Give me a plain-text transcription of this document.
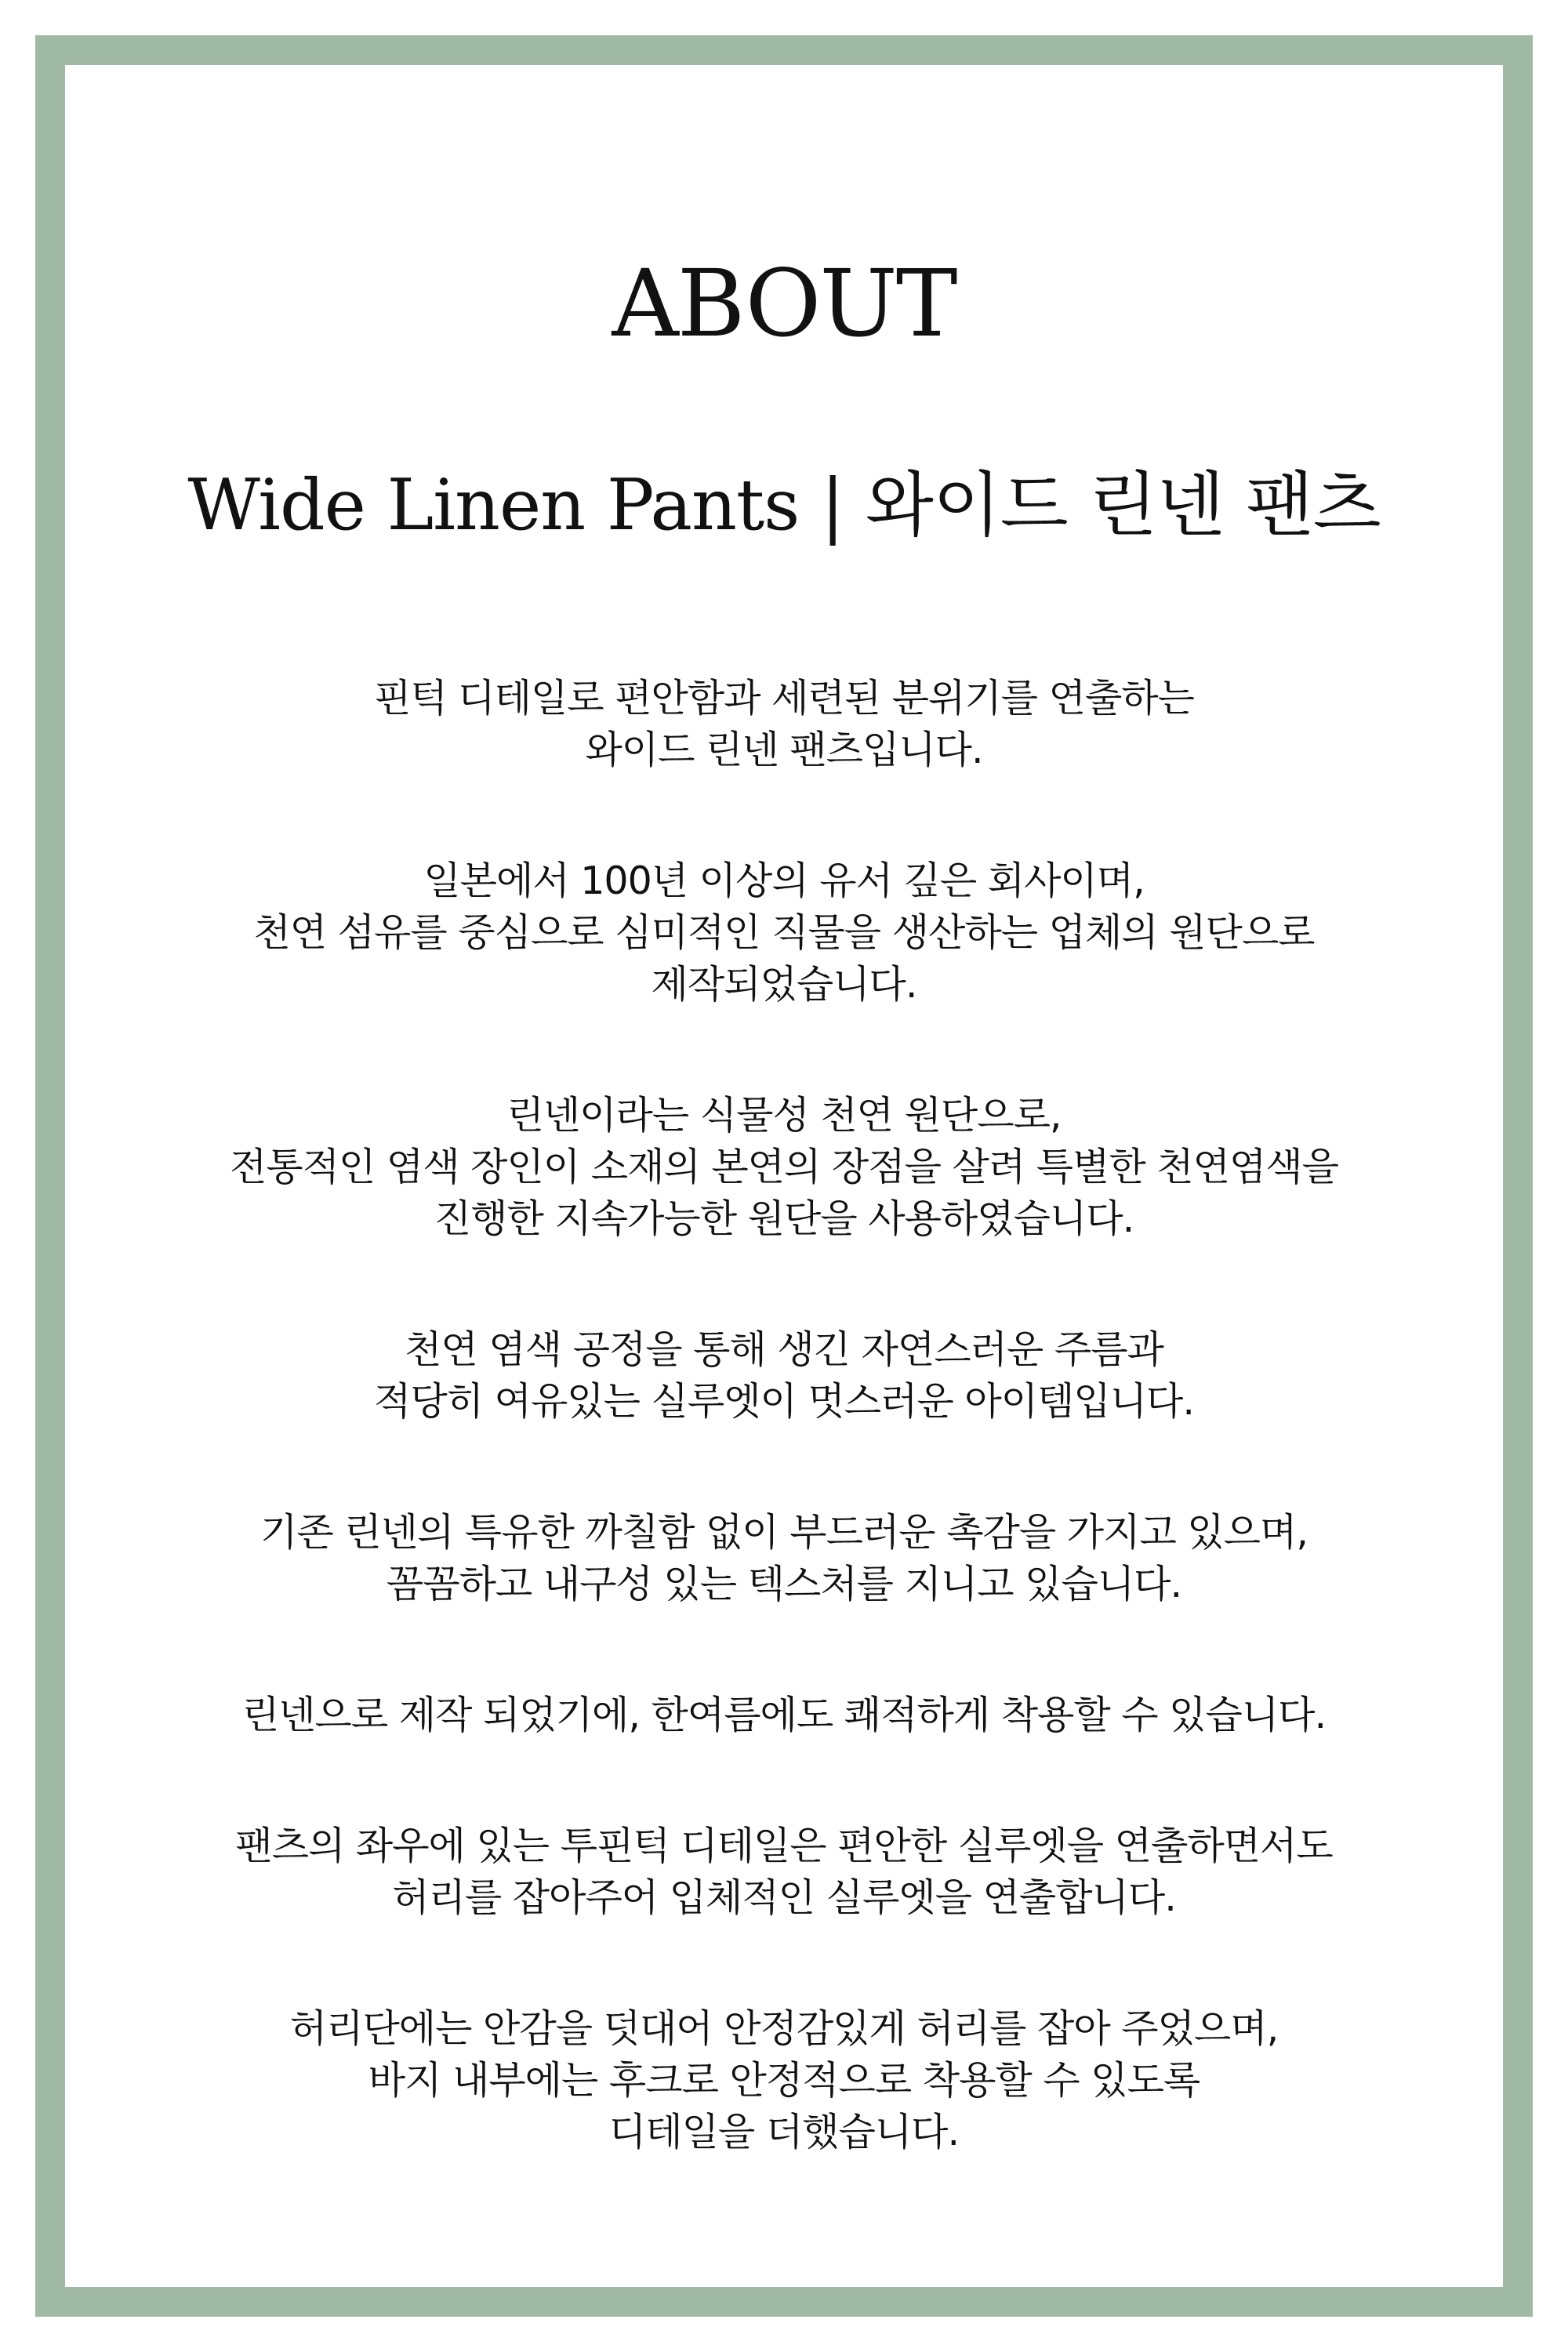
ABOUT
Wide Linen Pants | 와이드 린넨 팬츠

핀턱 디테일로 편안함과 세련된 분위기를 연출하는
와이드 린넨 팬츠입니다.

일본에서 100년 이상의 유서 깊은 회사이며,
천연 섬유를 중심으로 심미적인 직물을 생산하는 업체의 원단으로
제작되었습니다.

린넨이라는 식물성 천연 원단으로,
전통적인 염색 장인이 소재의 본연의 장점을 살려 특별한 천연염색을
진행한 지속가능한 원단을 사용하였습니다.

천연 염색 공정을 통해 생긴 자연스러운 주름과
적당히 여유있는 실루엣이 멋스러운 아이템입니다.

기존 린넨의 특유한 까칠함 없이 부드러운 촉감을 가지고 있으며,
꼼꼼하고 내구성 있는 텍스처를 지니고 있습니다.

린넨으로 제작 되었기에, 한여름에도 쾌적하게 착용할 수 있습니다.

팬츠의 좌우에 있는 투핀턱 디테일은 편안한 실루엣을 연출하면서도
허리를 잡아주어 입체적인 실루엣을 연출합니다.

허리단에는 안감을 덧대어 안정감있게 허리를 잡아 주었으며,
바지 내부에는 후크로 안정적으로 착용할 수 있도록
디테일을 더했습니다.
